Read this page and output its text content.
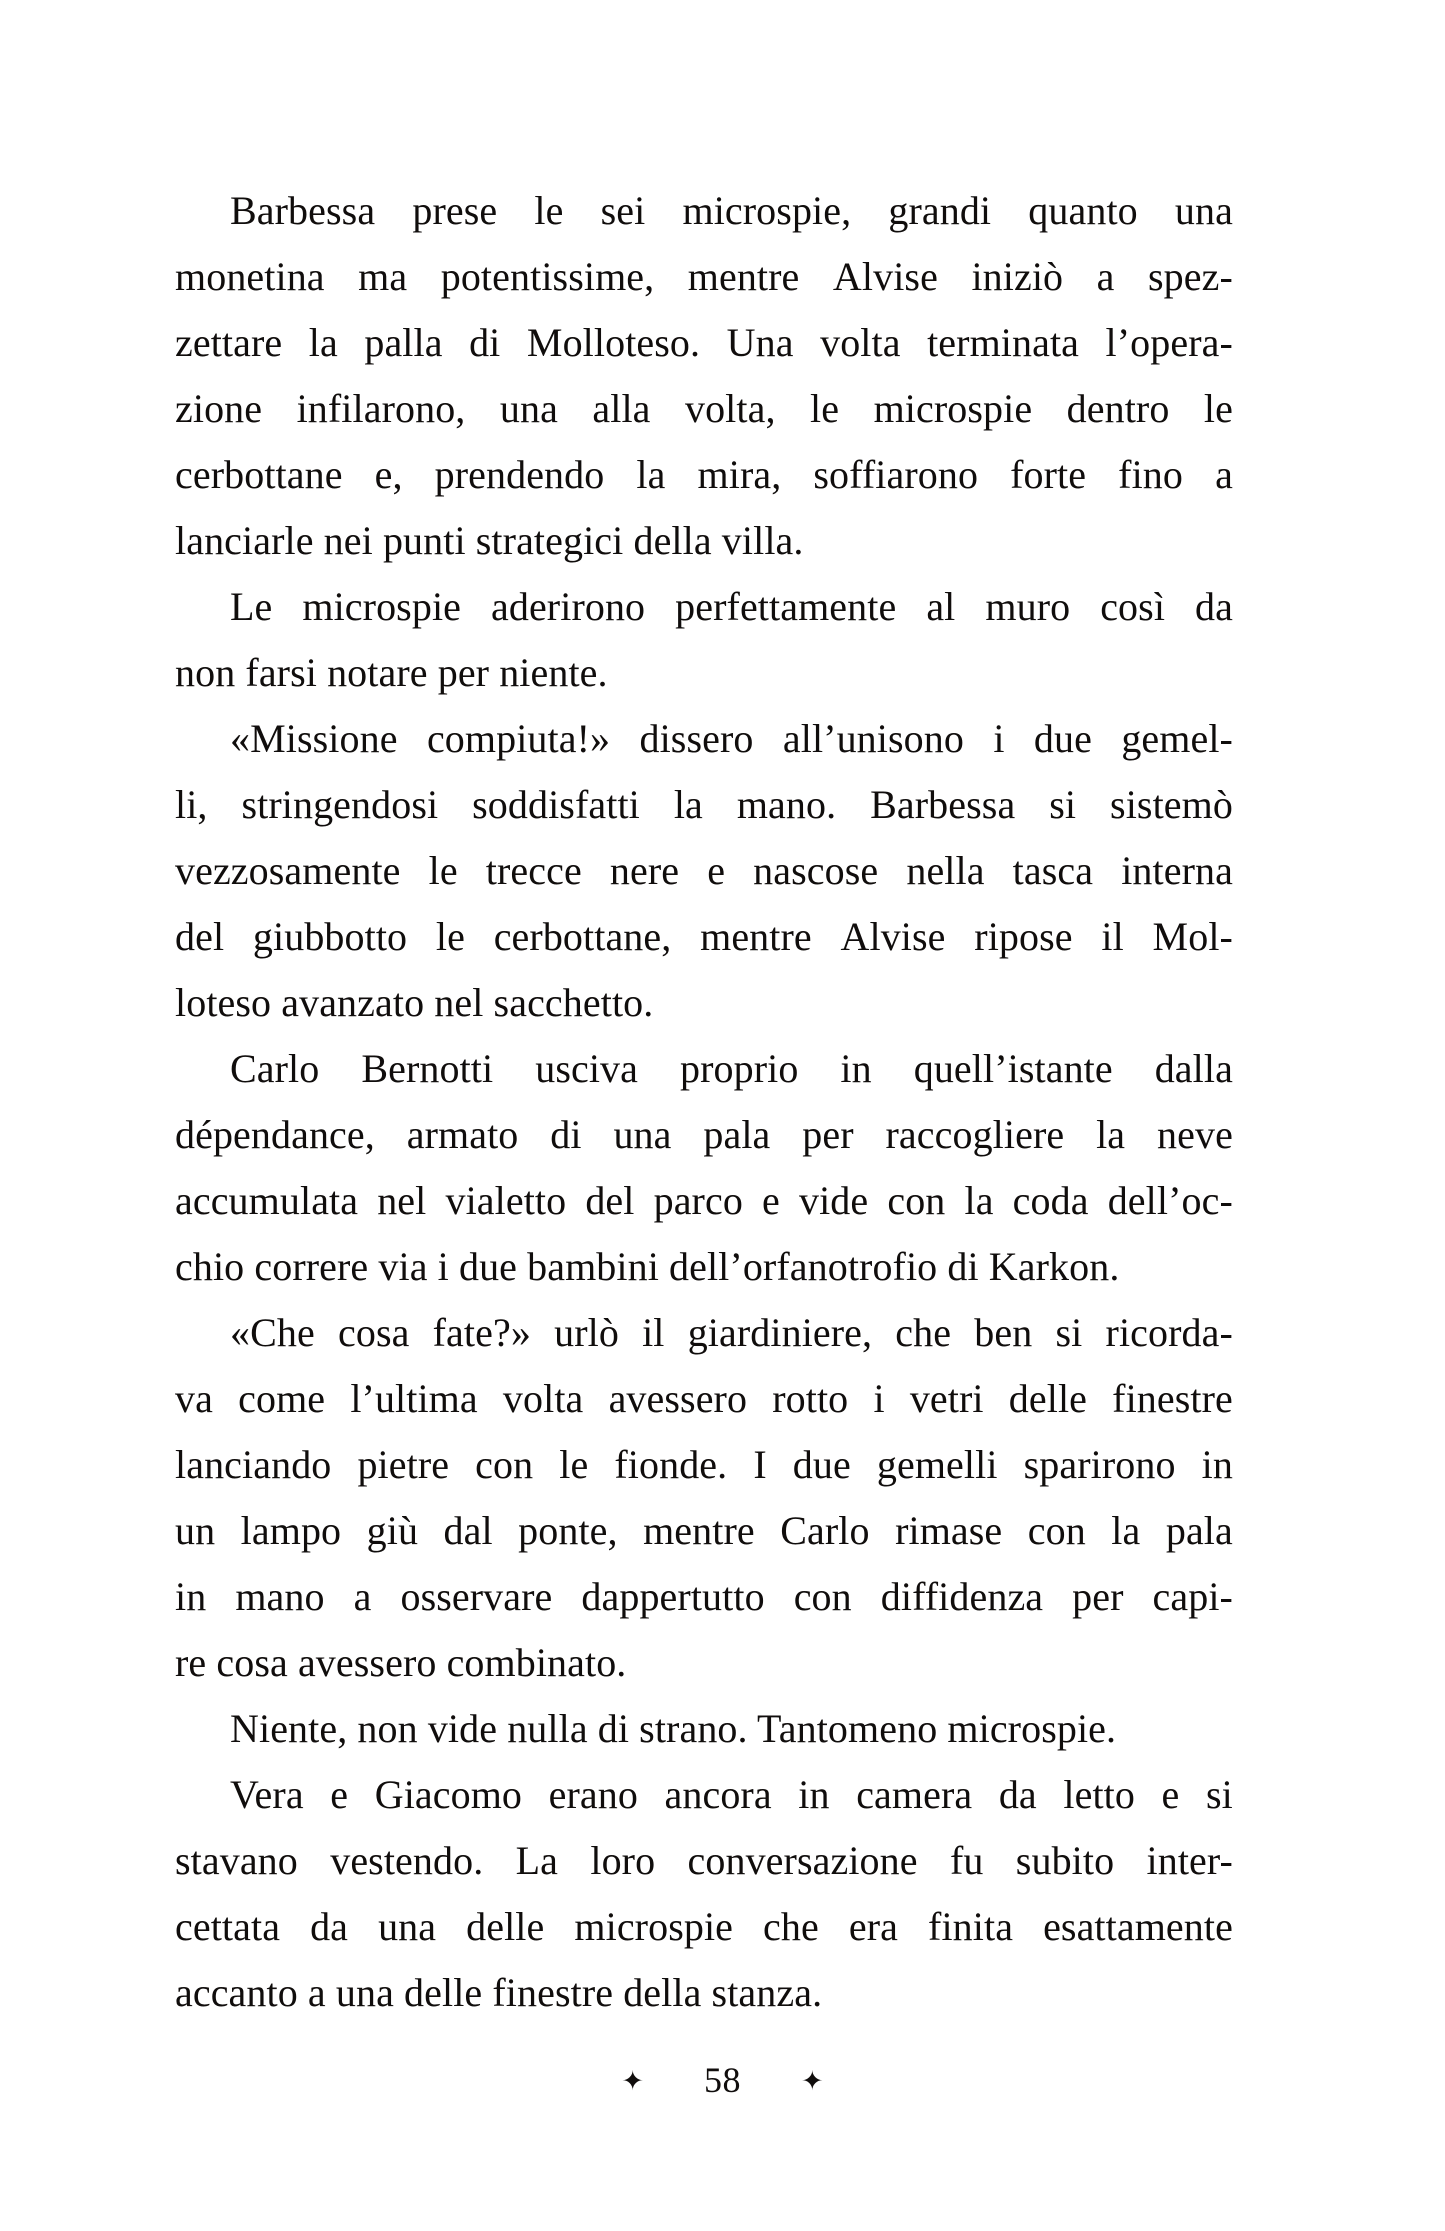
Barbessa prese le sei microspie, grandi quanto una
monetina ma potentissime, mentre Alvise iniziò a spez-
zettare la palla di Molloteso. Una volta terminata l’opera-
zione infilarono, una alla volta, le microspie dentro le
cerbottane e, prendendo la mira, soffiarono forte fino a
lanciarle nei punti strategici della villa.
Le microspie aderirono perfettamente al muro così da
non farsi notare per niente.
«Missione compiuta!» dissero all’unisono i due gemel-
li, stringendosi soddisfatti la mano. Barbessa si sistemò
vezzosamente le trecce nere e nascose nella tasca interna
del giubbotto le cerbottane, mentre Alvise ripose il Mol-
loteso avanzato nel sacchetto.
Carlo Bernotti usciva proprio in quell’istante dalla
dépendance, armato di una pala per raccogliere la neve
accumulata nel vialetto del parco e vide con la coda dell’oc-
chio correre via i due bambini dell’orfanotrofio di Karkon.
«Che cosa fate?» urlò il giardiniere, che ben si ricorda-
va come l’ultima volta avessero rotto i vetri delle finestre
lanciando pietre con le fionde. I due gemelli sparirono in
un lampo giù dal ponte, mentre Carlo rimase con la pala
in mano a osservare dappertutto con diffidenza per capi-
re cosa avessero combinato.
Niente, non vide nulla di strano. Tantomeno microspie.
Vera e Giacomo erano ancora in camera da letto e si
stavano vestendo. La loro conversazione fu subito inter-
cettata da una delle microspie che era finita esattamente
accanto a una delle finestre della stanza.
✦ 58 ✦
